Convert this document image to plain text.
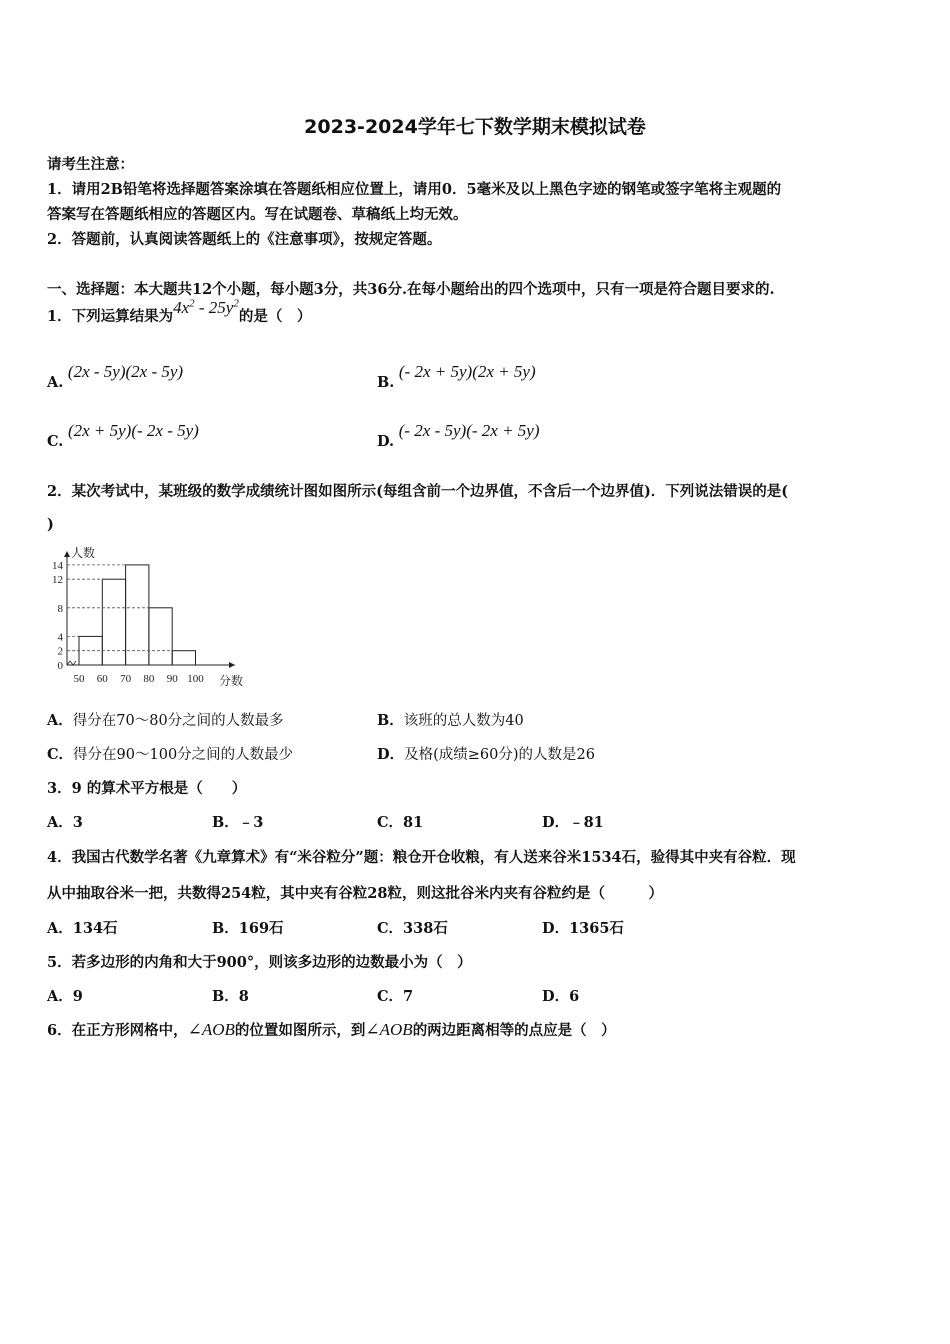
2023-2024学年七下数学期末模拟试卷
请考生注意：
1．请用2B铅笔将选择题答案涂填在答题纸相应位置上，请用0．5毫米及以上黑色字迹的钢笔或签字笔将主观题的
答案写在答题纸相应的答题区内。写在试题卷、草稿纸上均无效。
2．答题前，认真阅读答题纸上的《注意事项》，按规定答题。
一、选择题：本大题共12个小题，每小题3分，共36分.在每小题给出的四个选项中，只有一项是符合题目要求的.
1．下列运算结果为$4x^2 - 25y^2$的是（　）
A. (2x - 5y)(2x - 5y)
B. (- 2x + 5y)(2x + 5y)
C. (2x + 5y)(- 2x - 5y)
D. (- 2x - 5y)(- 2x + 5y)
2．某次考试中，某班级的数学成绩统计图如图所示(每组含前一个边界值，不含后一个边界值)．下列说法错误的是(
)
0
2
4
8
12
14
50 60 70 80 90 100
人数
分数
A．得分在70～80分之间的人数最多	B．该班的总人数为40
C．得分在90～100分之间的人数最少	D．及格(成绩≥60分)的人数是26
3．9 的算术平方根是（　　）
A．3	B．﹣3	C．81	D．﹣81
4．我国古代数学名著《九章算术》有“米谷粒分”题：粮仓开仓收粮，有人送来谷米1534石，验得其中夹有谷粒．现
从中抽取谷米一把，共数得254粒，其中夹有谷粒28粒，则这批谷米内夹有谷粒约是（　　　）
A．134石	B．169石	C．338石	D．1365石
5．若多边形的内角和大于900°，则该多边形的边数最小为（　）
A．9	B．8	C．7	D．6
6．在正方形网格中，∠AOB的位置如图所示，到∠AOB的两边距离相等的点应是（　）
